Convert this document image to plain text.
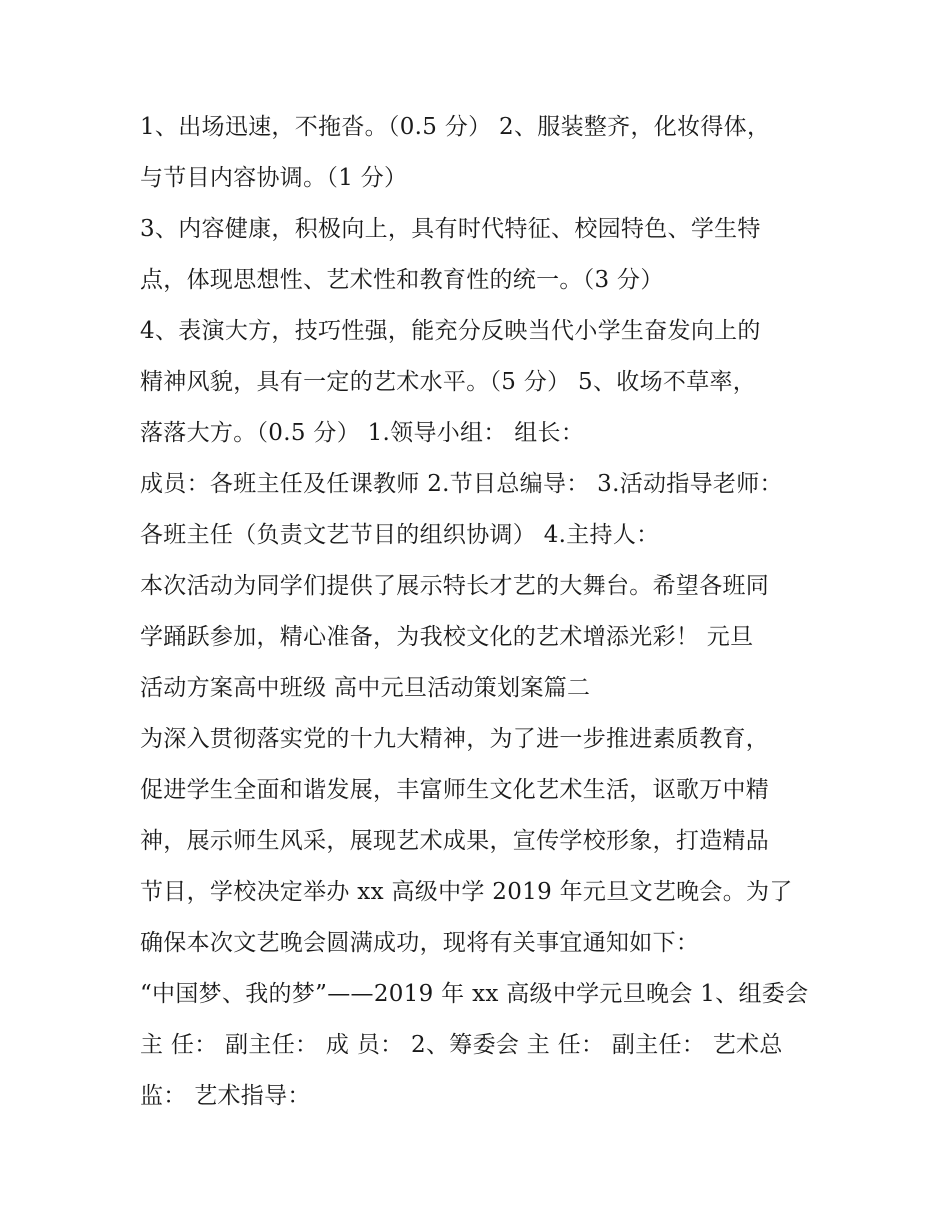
1、出场迅速，不拖沓。（0.5 分） 2、服装整齐，化妆得体，
与节目内容协调。（1 分）
3、内容健康，积极向上，具有时代特征、校园特色、学生特
点，体现思想性、艺术性和教育性的统一。（3 分）
4、表演大方，技巧性强，能充分反映当代小学生奋发向上的
精神风貌，具有一定的艺术水平。（5 分） 5、收场不草率，
落落大方。（0.5 分） 1.领导小组： 组长：
成员：各班主任及任课教师 2.节目总编导： 3.活动指导老师：
各班主任（负责文艺节目的组织协调） 4.主持人：
本次活动为同学们提供了展示特长才艺的大舞台。希望各班同
学踊跃参加，精心准备，为我校文化的艺术增添光彩！ 元旦
活动方案高中班级 高中元旦活动策划案篇二
为深入贯彻落实党的十九大精神，为了进一步推进素质教育，
促进学生全面和谐发展，丰富师生文化艺术生活，讴歌万中精
神，展示师生风采，展现艺术成果，宣传学校形象，打造精品
节目，学校决定举办 xx 高级中学 2019 年元旦文艺晚会。为了
确保本次文艺晚会圆满成功，现将有关事宜通知如下：
“中国梦、我的梦”——2019 年 xx 高级中学元旦晚会 1、组委会
主 任： 副主任： 成 员： 2、筹委会 主 任： 副主任： 艺术总
监： 艺术指导：
